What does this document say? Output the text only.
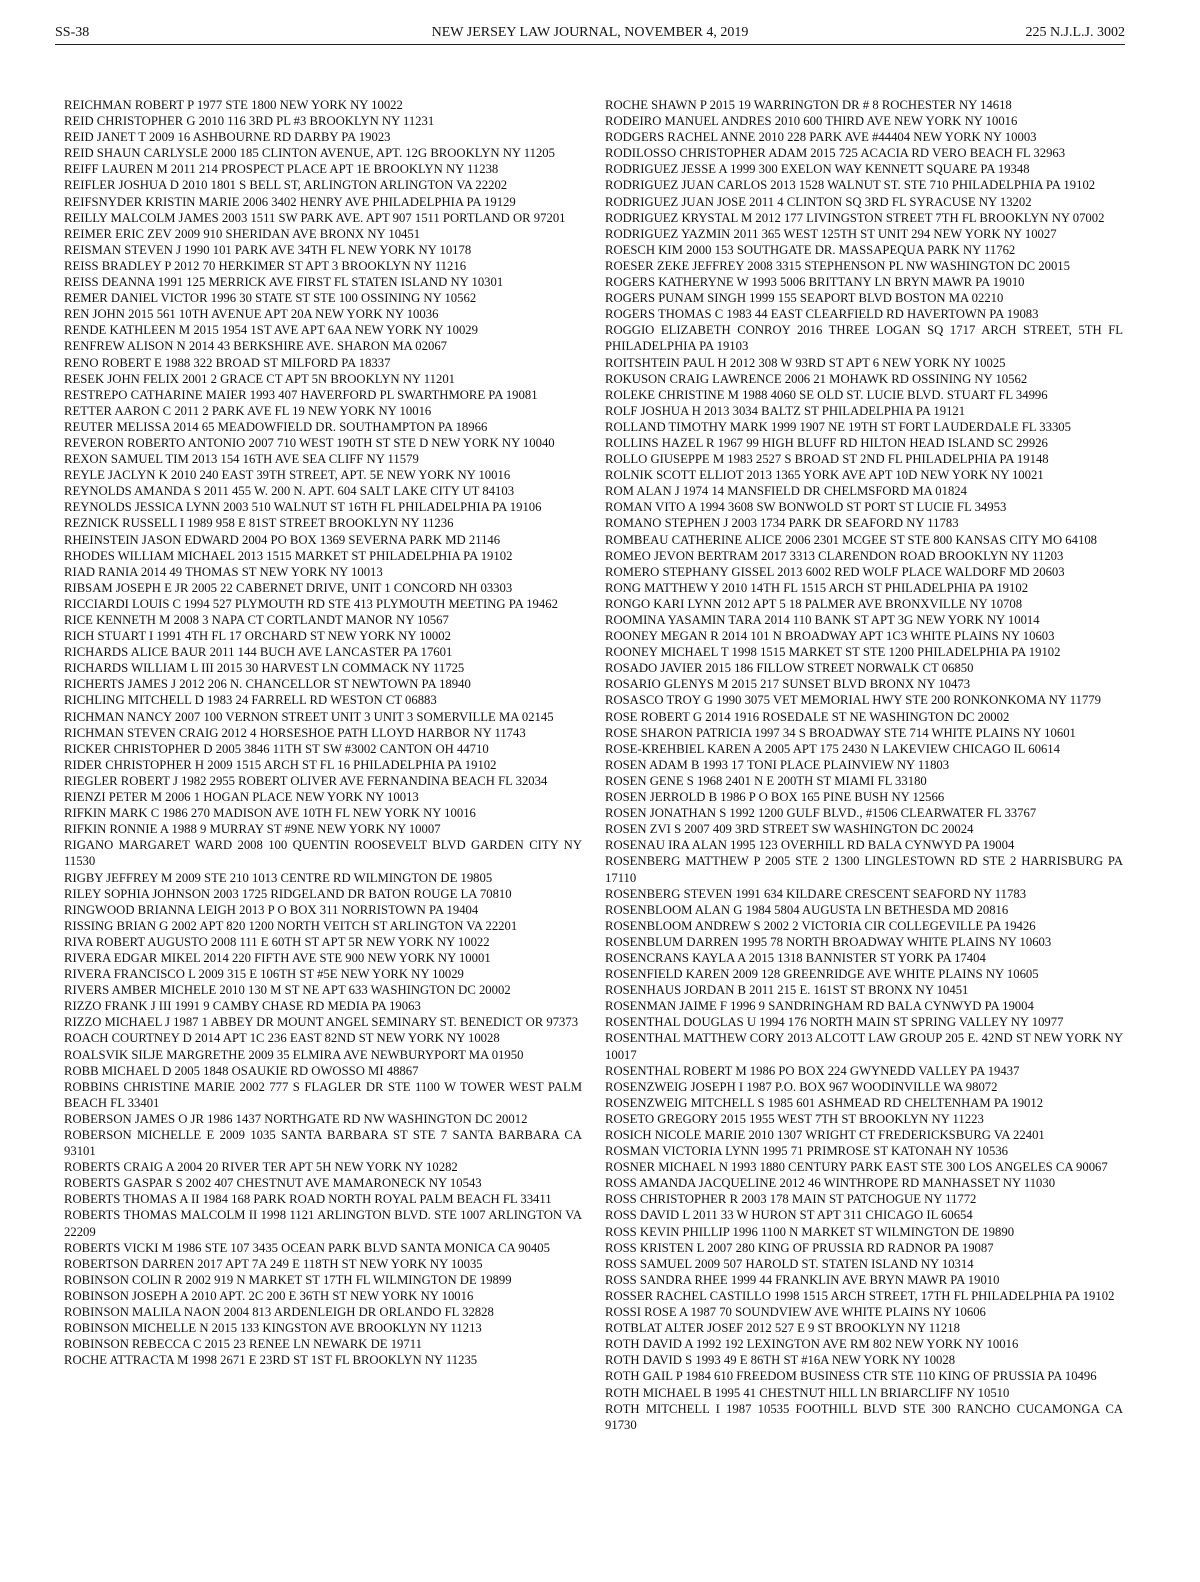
SS-38	NEW JERSEY LAW JOURNAL, NOVEMBER 4, 2019	225 N.J.L.J. 3002
REICHMAN ROBERT P 1977 STE 1800 NEW YORK NY 10022
REID CHRISTOPHER G 2010 116 3RD PL #3 BROOKLYN NY 11231
REID JANET T 2009 16 ASHBOURNE RD DARBY PA 19023
REID SHAUN CARLYSLE 2000 185 CLINTON AVENUE, APT. 12G BROOKLYN NY 11205
REIFF LAUREN M 2011 214 PROSPECT PLACE APT 1E BROOKLYN NY 11238
REIFLER JOSHUA D 2010 1801 S BELL ST, ARLINGTON ARLINGTON VA 22202
REIFSNYDER KRISTIN MARIE 2006 3402 HENRY AVE PHILADELPHIA PA 19129
REILLY MALCOLM JAMES 2003 1511 SW PARK AVE. APT 907 1511 PORTLAND OR 97201
REIMER ERIC ZEV 2009 910 SHERIDAN AVE BRONX NY 10451
REISMAN STEVEN J 1990 101 PARK AVE 34TH FL NEW YORK NY 10178
REISS BRADLEY P 2012 70 HERKIMER ST APT 3 BROOKLYN NY 11216
REISS DEANNA 1991 125 MERRICK AVE FIRST FL STATEN ISLAND NY 10301
REMER DANIEL VICTOR 1996 30 STATE ST STE 100 OSSINING NY 10562
REN JOHN 2015 561 10TH AVENUE APT 20A NEW YORK NY 10036
RENDE KATHLEEN M 2015 1954 1ST AVE APT 6AA NEW YORK NY 10029
RENFREW ALISON N 2014 43 BERKSHIRE AVE. SHARON MA 02067
RENO ROBERT E 1988 322 BROAD ST MILFORD PA 18337
RESEK JOHN FELIX 2001 2 GRACE CT APT 5N BROOKLYN NY 11201
RESTREPO CATHARINE MAIER 1993 407 HAVERFORD PL SWARTHMORE PA 19081
RETTER AARON C 2011 2 PARK AVE FL 19 NEW YORK NY 10016
REUTER MELISSA 2014 65 MEADOWFIELD DR. SOUTHAMPTON PA 18966
REVERON ROBERTO ANTONIO 2007 710 WEST 190TH ST STE D NEW YORK NY 10040
REXON SAMUEL TIM 2013 154 16TH AVE SEA CLIFF NY 11579
REYLE JACLYN K 2010 240 EAST 39TH STREET, APT. 5E NEW YORK NY 10016
REYNOLDS AMANDA S 2011 455 W. 200 N. APT. 604 SALT LAKE CITY UT 84103
REYNOLDS JESSICA LYNN 2003 510 WALNUT ST 16TH FL PHILADELPHIA PA 19106
REZNICK RUSSELL I 1989 958 E 81ST STREET BROOKLYN NY 11236
RHEINSTEIN JASON EDWARD 2004 PO BOX 1369 SEVERNA PARK MD 21146
RHODES WILLIAM MICHAEL 2013 1515 MARKET ST PHILADELPHIA PA 19102
RIAD RANIA 2014 49 THOMAS ST NEW YORK NY 10013
RIBSAM JOSEPH E JR 2005 22 CABERNET DRIVE, UNIT 1 CONCORD NH 03303
RICCIARDI LOUIS C 1994 527 PLYMOUTH RD STE 413 PLYMOUTH MEETING PA 19462
RICE KENNETH M 2008 3 NAPA CT CORTLANDT MANOR NY 10567
RICH STUART I 1991 4TH FL 17 ORCHARD ST NEW YORK NY 10002
RICHARDS ALICE BAUR 2011 144 BUCH AVE LANCASTER PA 17601
RICHARDS WILLIAM L III 2015 30 HARVEST LN COMMACK NY 11725
RICHERTS JAMES J 2012 206 N. CHANCELLOR ST NEWTOWN PA 18940
RICHLING MITCHELL D 1983 24 FARRELL RD WESTON CT 06883
RICHMAN NANCY 2007 100 VERNON STREET UNIT 3 UNIT 3 SOMERVILLE MA 02145
RICHMAN STEVEN CRAIG 2012 4 HORSESHOE PATH LLOYD HARBOR NY 11743
RICKER CHRISTOPHER D 2005 3846 11TH ST SW #3002 CANTON OH 44710
RIDER CHRISTOPHER H 2009 1515 ARCH ST FL 16 PHILADELPHIA PA 19102
RIEGLER ROBERT J 1982 2955 ROBERT OLIVER AVE FERNANDINA BEACH FL 32034
RIENZI PETER M 2006 1 HOGAN PLACE NEW YORK NY 10013
RIFKIN MARK C 1986 270 MADISON AVE 10TH FL NEW YORK NY 10016
RIFKIN RONNIE A 1988 9 MURRAY ST #9NE NEW YORK NY 10007
RIGANO MARGARET WARD 2008 100 QUENTIN ROOSEVELT BLVD GARDEN CITY NY 11530
RIGBY JEFFREY M 2009 STE 210 1013 CENTRE RD WILMINGTON DE 19805
RILEY SOPHIA JOHNSON 2003 1725 RIDGELAND DR BATON ROUGE LA 70810
RINGWOOD BRIANNA LEIGH 2013 P O BOX 311 NORRISTOWN PA 19404
RISSING BRIAN G 2002 APT 820 1200 NORTH VEITCH ST ARLINGTON VA 22201
RIVA ROBERT AUGUSTO 2008 111 E 60TH ST APT 5R NEW YORK NY 10022
RIVERA EDGAR MIKEL 2014 220 FIFTH AVE STE 900 NEW YORK NY 10001
RIVERA FRANCISCO L 2009 315 E 106TH ST #5E NEW YORK NY 10029
RIVERS AMBER MICHELE 2010 130 M ST NE APT 633 WASHINGTON DC 20002
RIZZO FRANK J III 1991 9 CAMBY CHASE RD MEDIA PA 19063
RIZZO MICHAEL J 1987 1 ABBEY DR MOUNT ANGEL SEMINARY ST. BENEDICT OR 97373
ROACH COURTNEY D 2014 APT 1C 236 EAST 82ND ST NEW YORK NY 10028
ROALSVIK SILJE MARGRETHE 2009 35 ELMIRA AVE NEWBURYPORT MA 01950
ROBB MICHAEL D 2005 1848 OSAUKIE RD OWOSSO MI 48867
ROBBINS CHRISTINE MARIE 2002 777 S FLAGLER DR STE 1100 W TOWER WEST PALM BEACH FL 33401
ROBERSON JAMES O JR 1986 1437 NORTHGATE RD NW WASHINGTON DC 20012
ROBERSON MICHELLE E 2009 1035 SANTA BARBARA ST STE 7 SANTA BARBARA CA 93101
ROBERTS CRAIG A 2004 20 RIVER TER APT 5H NEW YORK NY 10282
ROBERTS GASPAR S 2002 407 CHESTNUT AVE MAMARONECK NY 10543
ROBERTS THOMAS A II 1984 168 PARK ROAD NORTH ROYAL PALM BEACH FL 33411
ROBERTS THOMAS MALCOLM II 1998 1121 ARLINGTON BLVD. STE 1007 ARLINGTON VA 22209
ROBERTS VICKI M 1986 STE 107 3435 OCEAN PARK BLVD SANTA MONICA CA 90405
ROBERTSON DARREN 2017 APT 7A 249 E 118TH ST NEW YORK NY 10035
ROBINSON COLIN R 2002 919 N MARKET ST 17TH FL WILMINGTON DE 19899
ROBINSON JOSEPH A 2010 APT. 2C 200 E 36TH ST NEW YORK NY 10016
ROBINSON MALILA NAON 2004 813 ARDENLEIGH DR ORLANDO FL 32828
ROBINSON MICHELLE N 2015 133 KINGSTON AVE BROOKLYN NY 11213
ROBINSON REBECCA C 2015 23 RENEE LN NEWARK DE 19711
ROCHE ATTRACTA M 1998 2671 E 23RD ST 1ST FL BROOKLYN NY 11235
ROCHE SHAWN P 2015 19 WARRINGTON DR # 8 ROCHESTER NY 14618
RODEIRO MANUEL ANDRES 2010 600 THIRD AVE NEW YORK NY 10016
RODGERS RACHEL ANNE 2010 228 PARK AVE #44404 NEW YORK NY 10003
RODILOSSO CHRISTOPHER ADAM 2015 725 ACACIA RD VERO BEACH FL 32963
RODRIGUEZ JESSE A 1999 300 EXELON WAY KENNETT SQUARE PA 19348
RODRIGUEZ JUAN CARLOS 2013 1528 WALNUT ST. STE 710 PHILADELPHIA PA 19102
RODRIGUEZ JUAN JOSE 2011 4 CLINTON SQ 3RD FL SYRACUSE NY 13202
RODRIGUEZ KRYSTAL M 2012 177 LIVINGSTON STREET 7TH FL BROOKLYN NY 07002
RODRIGUEZ YAZMIN 2011 365 WEST 125TH ST UNIT 294 NEW YORK NY 10027
ROESCH KIM 2000 153 SOUTHGATE DR. MASSAPEQUA PARK NY 11762
ROESER ZEKE JEFFREY 2008 3315 STEPHENSON PL NW WASHINGTON DC 20015
ROGERS KATHERYNE W 1993 5006 BRITTANY LN BRYN MAWR PA 19010
ROGERS PUNAM SINGH 1999 155 SEAPORT BLVD BOSTON MA 02210
ROGERS THOMAS C 1983 44 EAST CLEARFIELD RD HAVERTOWN PA 19083
ROGGIO ELIZABETH CONROY 2016 THREE LOGAN SQ 1717 ARCH STREET, 5TH FL PHILADELPHIA PA 19103
ROITSHTEIN PAUL H 2012 308 W 93RD ST APT 6 NEW YORK NY 10025
ROKUSON CRAIG LAWRENCE 2006 21 MOHAWK RD OSSINING NY 10562
ROLEKE CHRISTINE M 1988 4060 SE OLD ST. LUCIE BLVD. STUART FL 34996
ROLF JOSHUA H 2013 3034 BALTZ ST PHILADELPHIA PA 19121
ROLLAND TIMOTHY MARK 1999 1907 NE 19TH ST FORT LAUDERDALE FL 33305
ROLLINS HAZEL R 1967 99 HIGH BLUFF RD HILTON HEAD ISLAND SC 29926
ROLLO GIUSEPPE M 1983 2527 S BROAD ST 2ND FL PHILADELPHIA PA 19148
ROLNIK SCOTT ELLIOT 2013 1365 YORK AVE APT 10D NEW YORK NY 10021
ROM ALAN J 1974 14 MANSFIELD DR CHELMSFORD MA 01824
ROMAN VITO A 1994 3608 SW BONWOLD ST PORT ST LUCIE FL 34953
ROMANO STEPHEN J 2003 1734 PARK DR SEAFORD NY 11783
ROMBEAU CATHERINE ALICE 2006 2301 MCGEE ST STE 800 KANSAS CITY MO 64108
ROMEO JEVON BERTRAM 2017 3313 CLARENDON ROAD BROOKLYN NY 11203
ROMERO STEPHANY GISSEL 2013 6002 RED WOLF PLACE WALDORF MD 20603
RONG MATTHEW Y 2010 14TH FL 1515 ARCH ST PHILADELPHIA PA 19102
RONGO KARI LYNN 2012 APT 5 18 PALMER AVE BRONXVILLE NY 10708
ROOMINA YASAMIN TARA 2014 110 BANK ST APT 3G NEW YORK NY 10014
ROONEY MEGAN R 2014 101 N BROADWAY APT 1C3 WHITE PLAINS NY 10603
ROONEY MICHAEL T 1998 1515 MARKET ST STE 1200 PHILADELPHIA PA 19102
ROSADO JAVIER 2015 186 FILLOW STREET NORWALK CT 06850
ROSARIO GLENYS M 2015 217 SUNSET BLVD BRONX NY 10473
ROSASCO TROY G 1990 3075 VET MEMORIAL HWY STE 200 RONKONKOMA NY 11779
ROSE ROBERT G 2014 1916 ROSEDALE ST NE WASHINGTON DC 20002
ROSE SHARON PATRICIA 1997 34 S BROADWAY STE 714 WHITE PLAINS NY 10601
ROSE-KREHBIEL KAREN A 2005 APT 175 2430 N LAKEVIEW CHICAGO IL 60614
ROSEN ADAM B 1993 17 TONI PLACE PLAINVIEW NY 11803
ROSEN GENE S 1968 2401 N E 200TH ST MIAMI FL 33180
ROSEN JERROLD B 1986 P O BOX 165 PINE BUSH NY 12566
ROSEN JONATHAN S 1992 1200 GULF BLVD., #1506 CLEARWATER FL 33767
ROSEN ZVI S 2007 409 3RD STREET SW WASHINGTON DC 20024
ROSENAU IRA ALAN 1995 123 OVERHILL RD BALA CYNWYD PA 19004
ROSENBERG MATTHEW P 2005 STE 2 1300 LINGLESTOWN RD STE 2 HARRISBURG PA 17110
ROSENBERG STEVEN 1991 634 KILDARE CRESCENT SEAFORD NY 11783
ROSENBLOOM ALAN G 1984 5804 AUGUSTA LN BETHESDA MD 20816
ROSENBLOOM ANDREW S 2002 2 VICTORIA CIR COLLEGEVILLE PA 19426
ROSENBLUM DARREN 1995 78 NORTH BROADWAY WHITE PLAINS NY 10603
ROSENCRANS KAYLA A 2015 1318 BANNISTER ST YORK PA 17404
ROSENFIELD KAREN 2009 128 GREENRIDGE AVE WHITE PLAINS NY 10605
ROSENHAUS JORDAN B 2011 215 E. 161ST ST BRONX NY 10451
ROSENMAN JAIME F 1996 9 SANDRINGHAM RD BALA CYNWYD PA 19004
ROSENTHAL DOUGLAS U 1994 176 NORTH MAIN ST SPRING VALLEY NY 10977
ROSENTHAL MATTHEW CORY 2013 ALCOTT LAW GROUP 205 E. 42ND ST NEW YORK NY 10017
ROSENTHAL ROBERT M 1986 PO BOX 224 GWYNEDD VALLEY PA 19437
ROSENZWEIG JOSEPH I 1987 P.O. BOX 967 WOODINVILLE WA 98072
ROSENZWEIG MITCHELL S 1985 601 ASHMEAD RD CHELTENHAM PA 19012
ROSETO GREGORY 2015 1955 WEST 7TH ST BROOKLYN NY 11223
ROSICH NICOLE MARIE 2010 1307 WRIGHT CT FREDERICKSBURG VA 22401
ROSMAN VICTORIA LYNN 1995 71 PRIMROSE ST KATONAH NY 10536
ROSNER MICHAEL N 1993 1880 CENTURY PARK EAST STE 300 LOS ANGELES CA 90067
ROSS AMANDA JACQUELINE 2012 46 WINTHROPE RD MANHASSET NY 11030
ROSS CHRISTOPHER R 2003 178 MAIN ST PATCHOGUE NY 11772
ROSS DAVID L 2011 33 W HURON ST APT 311 CHICAGO IL 60654
ROSS KEVIN PHILLIP 1996 1100 N MARKET ST WILMINGTON DE 19890
ROSS KRISTEN L 2007 280 KING OF PRUSSIA RD RADNOR PA 19087
ROSS SAMUEL 2009 507 HAROLD ST. STATEN ISLAND NY 10314
ROSS SANDRA RHEE 1999 44 FRANKLIN AVE BRYN MAWR PA 19010
ROSSER RACHEL CASTILLO 1998 1515 ARCH STREET, 17TH FL PHILADELPHIA PA 19102
ROSSI ROSE A 1987 70 SOUNDVIEW AVE WHITE PLAINS NY 10606
ROTBLAT ALTER JOSEF 2012 527 E 9 ST BROOKLYN NY 11218
ROTH DAVID A 1992 192 LEXINGTON AVE RM 802 NEW YORK NY 10016
ROTH DAVID S 1993 49 E 86TH ST #16A NEW YORK NY 10028
ROTH GAIL P 1984 610 FREEDOM BUSINESS CTR STE 110 KING OF PRUSSIA PA 10496
ROTH MICHAEL B 1995 41 CHESTNUT HILL LN BRIARCLIFF NY 10510
ROTH MITCHELL I 1987 10535 FOOTHILL BLVD STE 300 RANCHO CUCAMONGA CA 91730
